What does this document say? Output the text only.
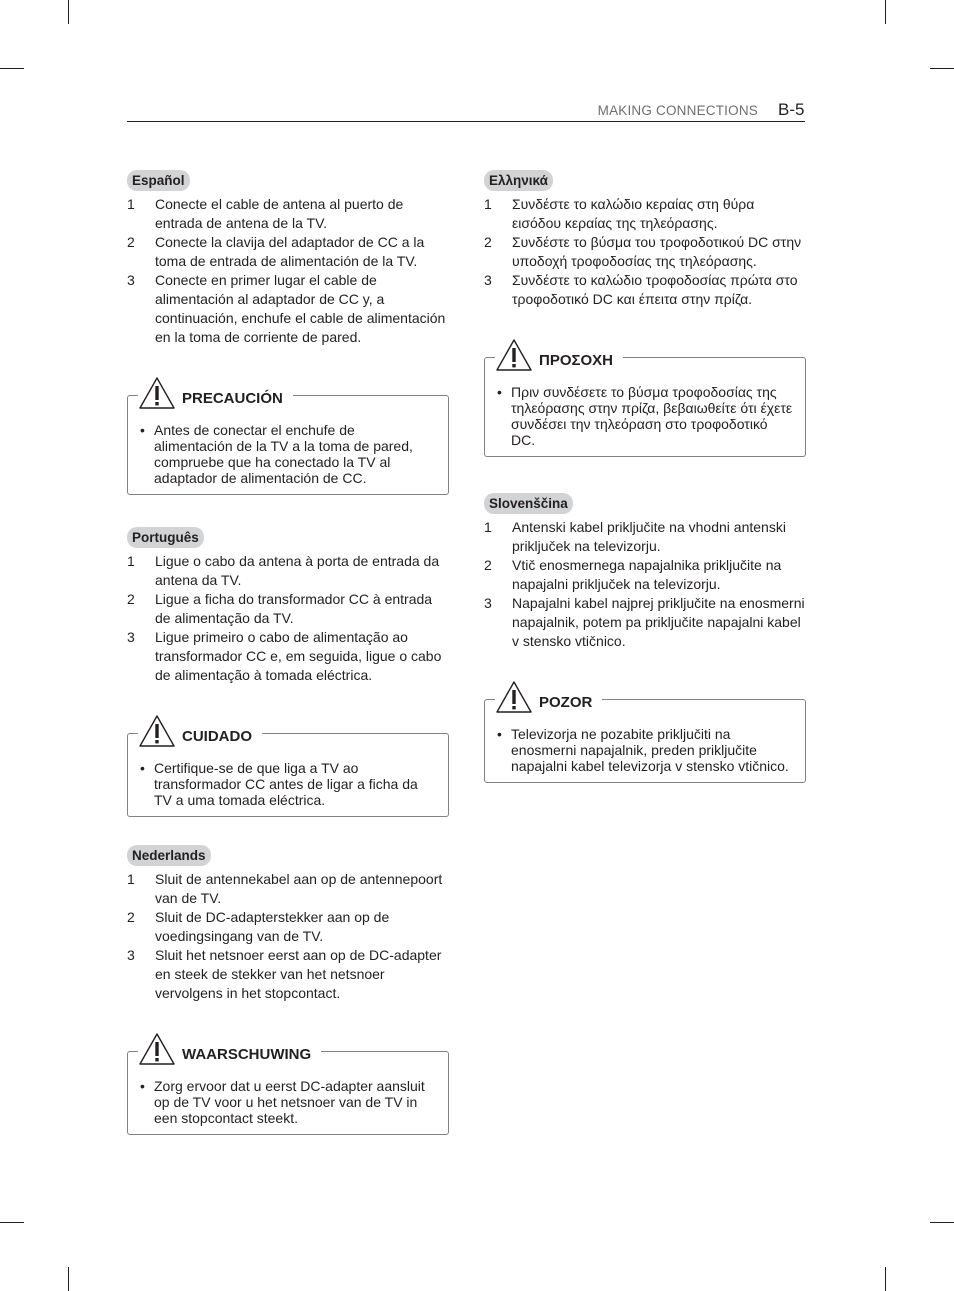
MAKING CONNECTIONS B-5
Español
1	Conecte el cable de antena al puerto de entrada de antena de la TV.
2	Conecte la clavija del adaptador de CC a la toma de entrada de alimentación de la TV.
3	Conecte en primer lugar el cable de alimentación al adaptador de CC y, a continuación, enchufe el cable de alimentación en la toma de corriente de pared.
PRECAUCIÓN
• Antes de conectar el enchufe de alimentación de la TV a la toma de pared, compruebe que ha conectado la TV al adaptador de alimentación de CC.
Português
1	Ligue o cabo da antena à porta de entrada da antena da TV.
2	Ligue a ficha do transformador CC à entrada de alimentação da TV.
3	Ligue primeiro o cabo de alimentação ao transformador CC e, em seguida, ligue o cabo de alimentação à tomada eléctrica.
CUIDADO
• Certifique-se de que liga a TV ao transformador CC antes de ligar a ficha da TV a uma tomada eléctrica.
Nederlands
1	Sluit de antennekabel aan op de antennepoort van de TV.
2	Sluit de DC-adapterstekker aan op de voedingsingang van de TV.
3	Sluit het netsnoer eerst aan op de DC-adapter en steek de stekker van het netsnoer vervolgens in het stopcontact.
WAARSCHUWING
• Zorg ervoor dat u eerst DC-adapter aansluit op de TV voor u het netsnoer van de TV in een stopcontact steekt.
Ελληνικά
1	Συνδέστε το καλώδιο κεραίας στη θύρα εισόδου κεραίας της τηλεόρασης.
2	Συνδέστε το βύσμα του τροφοδοτικού DC στην υποδοχή τροφοδοσίας της τηλεόρασης.
3	Συνδέστε το καλώδιο τροφοδοσίας πρώτα στο τροφοδοτικό DC και έπειτα στην πρίζα.
ΠΡΟΣΟΧΗ
• Πριν συνδέσετε το βύσμα τροφοδοσίας της τηλεόρασης στην πρίζα, βεβαιωθείτε ότι έχετε συνδέσει την τηλεόραση στο τροφοδοτικό DC.
Slovenščina
1	Antenski kabel priključite na vhodni antenski priključek na televizorju.
2	Vtič enosmernega napajalnika priključite na napajalni priključek na televizorju.
3	Napajalni kabel najprej priključite na enosmerni napajalnik, potem pa priključite napajalni kabel v stensko vtičnico.
POZOR
• Televizorja ne pozabite priključiti na enosmerni napajalnik, preden priključite napajalni kabel televizorja v stensko vtičnico.
